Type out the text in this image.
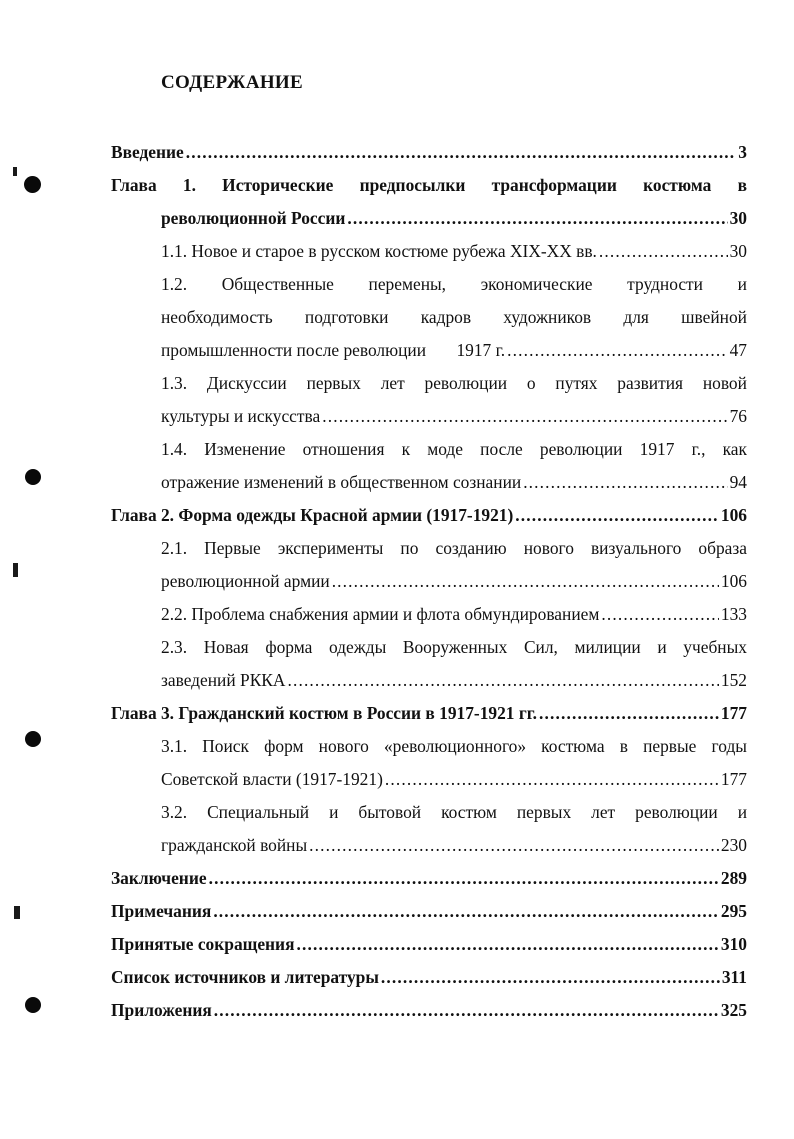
СОДЕРЖАНИЕ
Введение . . .	3
Глава 1. Исторические предпосылки трансформации костюма в
революционной России . . .	30
1.1. Новое и старое в русском костюме рубежа XIX-XX вв. . . .	30
1.2. Общественные перемены, экономические трудности и
необходимость подготовки кадров художников для швейной
промышленности после революции       1917 г. . . .	47
1.3. Дискуссии первых лет революции о путях развития новой
культуры и искусства . . .	76
1.4. Изменение отношения к моде после революции 1917 г., как
отражение изменений в общественном сознании . . .	94
Глава 2. Форма одежды Красной армии (1917-1921) . . .	106
2.1. Первые эксперименты по созданию нового визуального образа
революционной армии . . .	106
2.2. Проблема снабжения армии и флота обмундированием . . .	133
2.3. Новая форма одежды Вооруженных Сил, милиции и учебных
заведений РККА . . .	152
Глава 3. Гражданский костюм в России в 1917-1921 гг. . . .	177
3.1. Поиск форм нового «революционного» костюма в первые годы
Советской власти (1917-1921) . . .	177
3.2. Специальный и бытовой костюм первых лет революции и
гражданской войны . . .	230
Заключение . . .	289
Примечания . . .	295
Принятые сокращения . . .	310
Список источников и литературы . . .	311
Приложения . . .	325
